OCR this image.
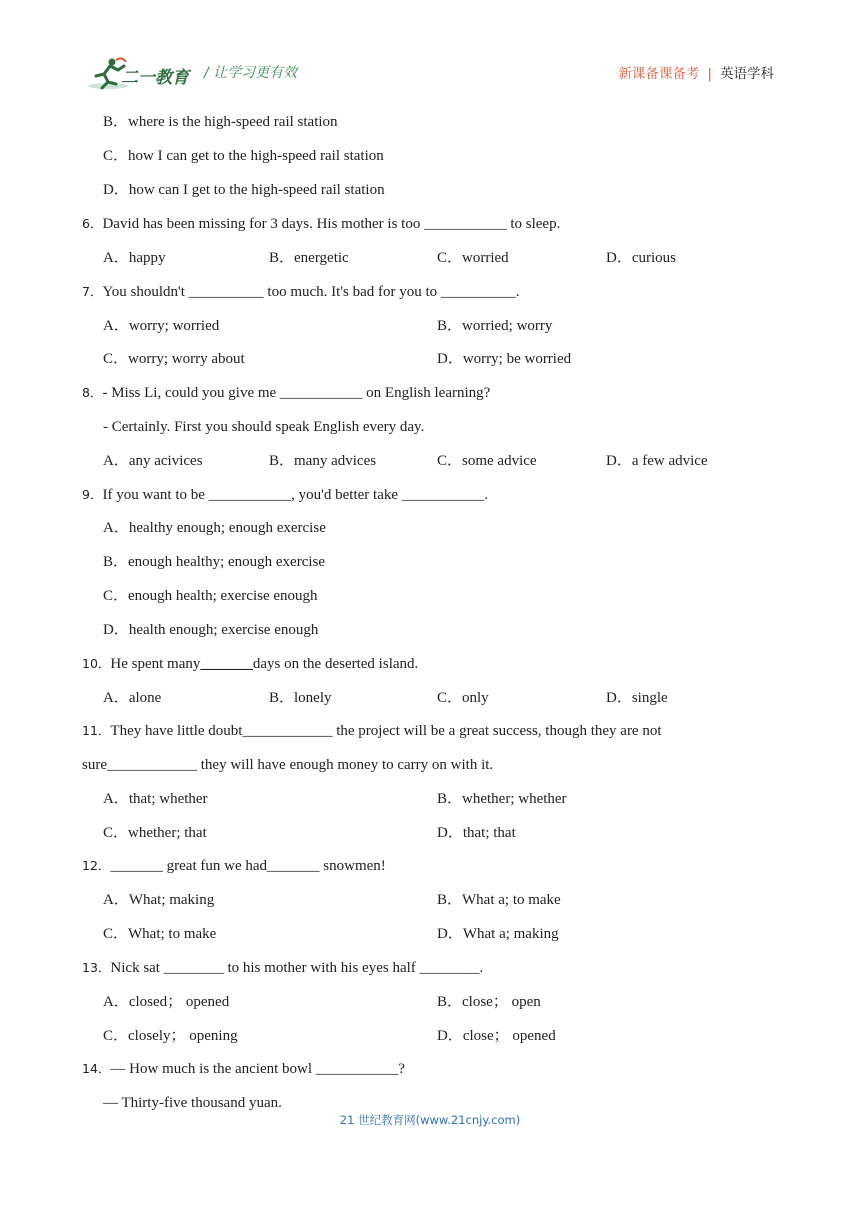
二一教育 / 让学习更有效	新课备课备考 | 英语学科
B．where is the high-speed rail station
C．how I can get to the high-speed rail station
D．how can I get to the high-speed rail station
6．David has been missing for 3 days. His mother is too ___________ to sleep.
A．happy	B．energetic	C．worried	D．curious
7．You shouldn't __________ too much. It's bad for you to __________.
A．worry; worried	B．worried; worry
C．worry; worry about	D．worry; be worried
8．- Miss Li, could you give me ___________ on English learning?
- Certainly. First you should speak English every day.
A．any acivices	B．many advices	C．some advice	D．a few advice
9．If you want to be ___________, you'd better take ___________.
A．healthy enough; enough exercise
B．enough healthy; enough exercise
C．enough health; exercise enough
D．health enough; exercise enough
10．He spent many_______days on the deserted island.
A．alone	B．lonely	C．only	D．single
11．They have little doubt____________ the project will be a great success, though they are not
sure____________ they will have enough money to carry on with it.
A．that; whether	B．whether; whether
C．whether; that	D．that; that
12．_______ great fun we had_______ snowmen!
A．What; making	B．What a; to make
C．What; to make	D．What a; making
13．Nick sat ________ to his mother with his eyes half ________.
A．closed； opened	B．close； open
C．closely； opening	D．close； opened
14．— How much is the ancient bowl ___________?
— Thirty-five thousand yuan.
21 世纪教育网(www.21cnjy.com)
